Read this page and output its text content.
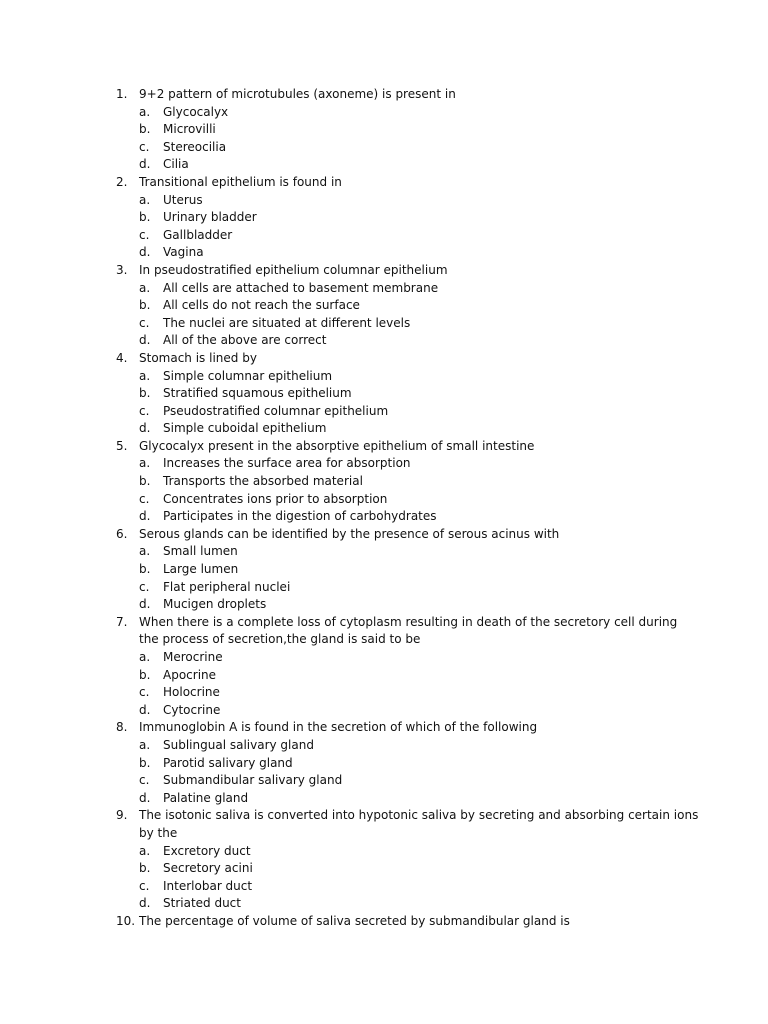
1. 9+2 pattern of microtubules (axoneme) is present in
a. Glycocalyx
b. Microvilli
c. Stereocilia
d. Cilia
2. Transitional epithelium is found in
a. Uterus
b. Urinary bladder
c. Gallbladder
d. Vagina
3. In pseudostratified epithelium columnar epithelium
a. All cells are attached to basement membrane
b. All cells do not reach the surface
c. The nuclei are situated at different levels
d. All of the above are correct
4. Stomach is lined by
a. Simple columnar epithelium
b. Stratified squamous epithelium
c. Pseudostratified columnar epithelium
d. Simple cuboidal epithelium
5. Glycocalyx present in the absorptive epithelium of small intestine
a. Increases the surface area for absorption
b. Transports the absorbed material
c. Concentrates ions prior to absorption
d. Participates in the digestion of carbohydrates
6. Serous glands can be identified by the presence of serous acinus with
a. Small lumen
b. Large lumen
c. Flat peripheral nuclei
d. Mucigen droplets
7. When there is a complete loss of cytoplasm resulting in death of the secretory cell during
the process of secretion,the gland is said to be
a. Merocrine
b. Apocrine
c. Holocrine
d. Cytocrine
8. Immunoglobin A is found in the secretion of which of the following
a. Sublingual salivary gland
b. Parotid salivary gland
c. Submandibular salivary gland
d. Palatine gland
9. The isotonic saliva is converted into hypotonic saliva by secreting and absorbing certain ions
by the
a. Excretory duct
b. Secretory acini
c. Interlobar duct
d. Striated duct
10. The percentage of volume of saliva secreted by submandibular gland is
